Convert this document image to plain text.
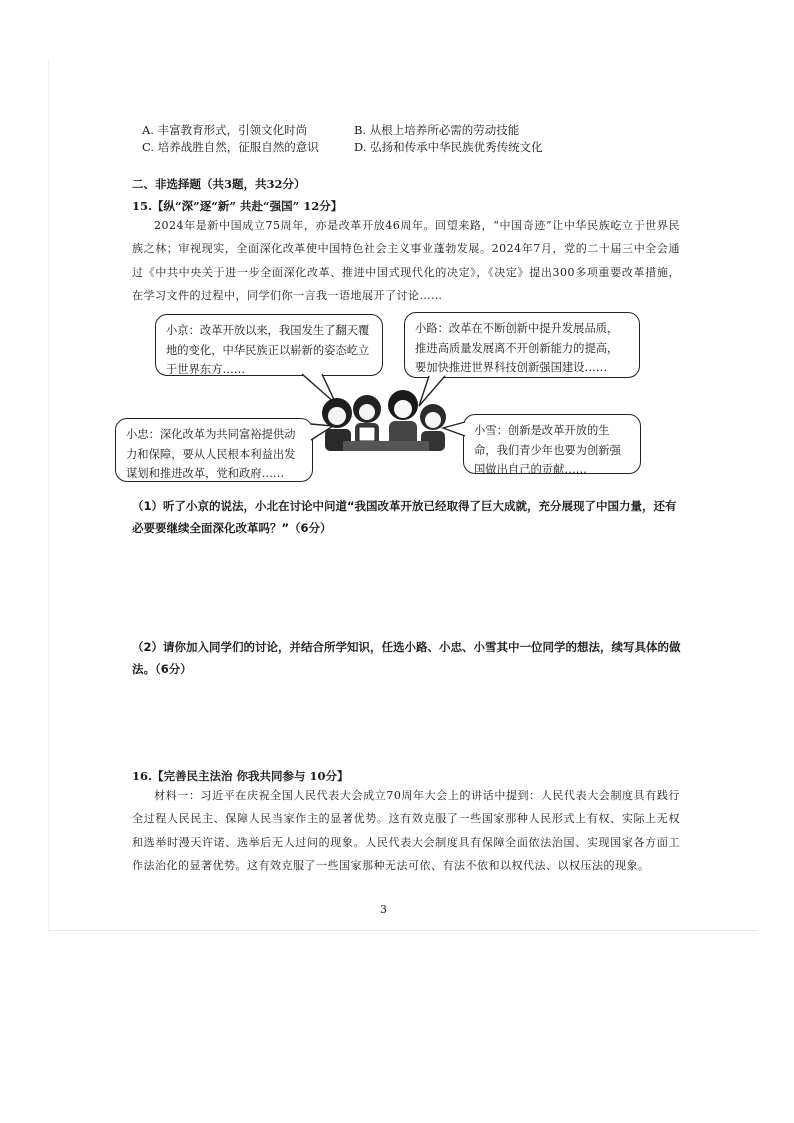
A. 丰富教育形式，引领文化时尚	B. 从根上培养所必需的劳动技能
C. 培养战胜自然，征服自然的意识	D. 弘扬和传承中华民族优秀传统文化
二、非选择题（共3题，共32分）
15.【纵“深”逐“新” 共赴“强国” 12分】
2024年是新中国成立75周年，亦是改革开放46周年。回望来路，“中国奇迹”让中华民族屹立于世界民族之林；审视现实，全面深化改革使中国特色社会主义事业蓬勃发展。2024年7月，党的二十届三中全会通过《中共中央关于进一步全面深化改革、推进中国式现代化的决定》，《决定》提出300多项重要改革措施，在学习文件的过程中，同学们你一言我一语地展开了讨论……
小京：改革开放以来，我国发生了翻天覆地的变化，中华民族正以崭新的姿态屹立于世界东方……
小路：改革在不断创新中提升发展品质，推进高质量发展离不开创新能力的提高，要加快推进世界科技创新强国建设……
小忠：深化改革为共同富裕提供动力和保障，要从人民根本利益出发谋划和推进改革，党和政府……
小雪：创新是改革开放的生命，我们青少年也要为创新强国做出自己的贡献……
（1）听了小京的说法，小北在讨论中问道“我国改革开放已经取得了巨大成就，充分展现了中国力量，还有必要要继续全面深化改革吗？”（6分）
（2）请你加入同学们的讨论，并结合所学知识，任选小路、小忠、小雪其中一位同学的想法，续写具体的做法。（6分）
16.【完善民主法治 你我共同参与 10分】
材料一：习近平在庆祝全国人民代表大会成立70周年大会上的讲话中提到：人民代表大会制度具有践行全过程人民民主、保障人民当家作主的显著优势。这有效克服了一些国家那种人民形式上有权、实际上无权和选举时漫天许诺、选举后无人过问的现象。人民代表大会制度具有保障全面依法治国、实现国家各方面工作法治化的显著优势。这有效克服了一些国家那种无法可依、有法不依和以权代法、以权压法的现象。
3
